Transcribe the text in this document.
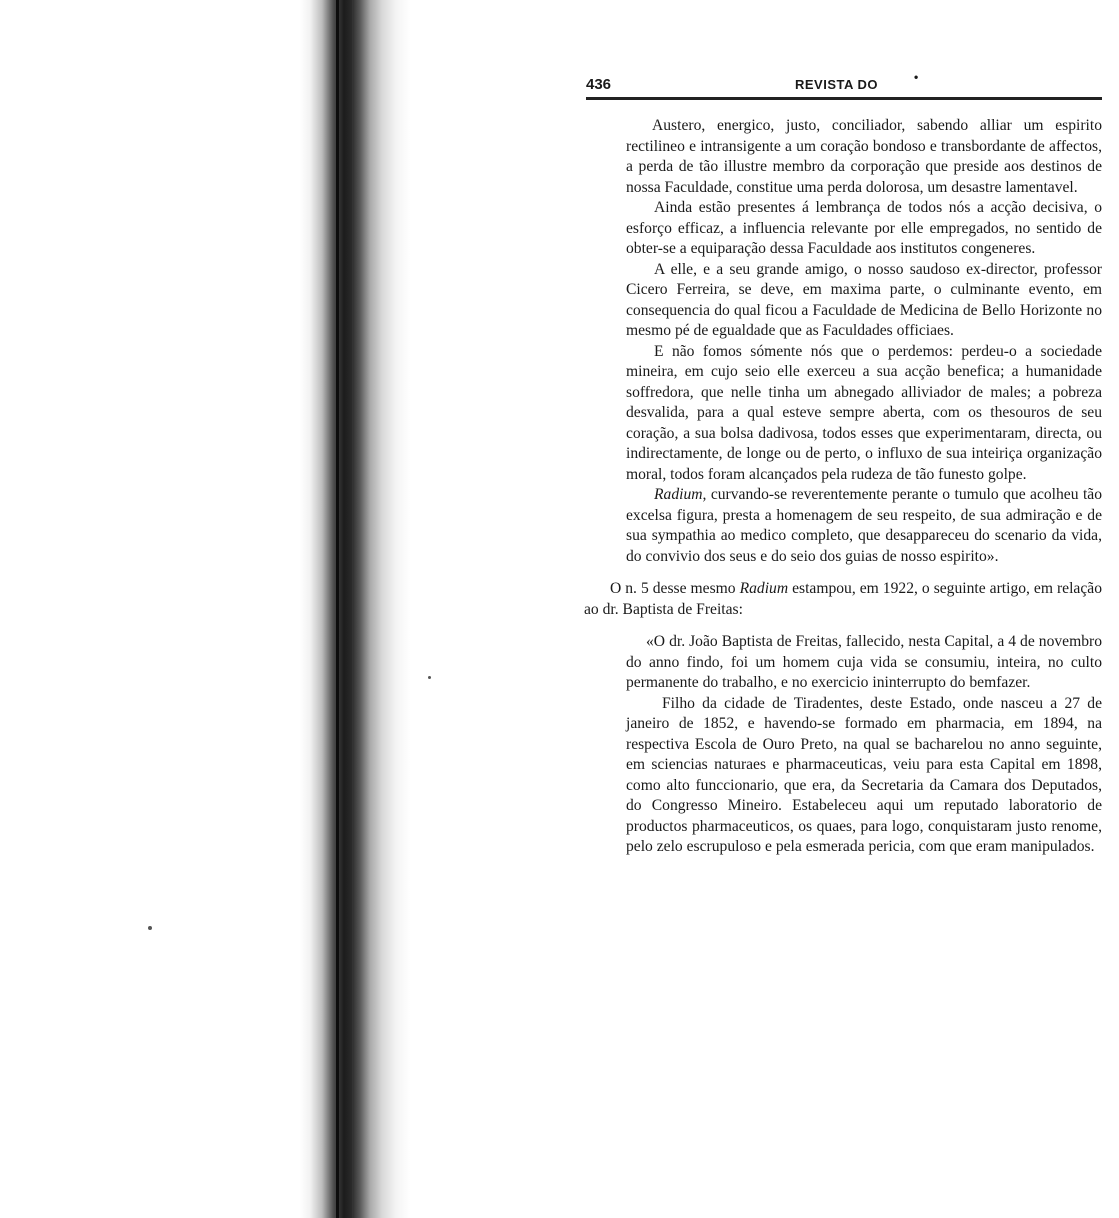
436	REVISTA DO	•

Austero, energico, justo, conciliador, sabendo alliar um espirito rectilineo e intransigente a um coração bondoso e transbordante de affectos, a perda de tão illustre membro da corporação que preside aos destinos de nossa Faculdade, constitue uma perda dolorosa, um desastre lamentavel.

Ainda estão presentes á lembrança de todos nós a acção decisiva, o esforço efficaz, a influencia relevante por elle empregados, no sentido de obter-se a equiparação dessa Faculdade aos institutos congeneres.

A elle, e a seu grande amigo, o nosso saudoso ex-director, professor Cicero Ferreira, se deve, em maxima parte, o culminante evento, em consequencia do qual ficou a Faculdade de Medicina de Bello Horizonte no mesmo pé de egualdade que as Faculdades officiaes.

E não fomos sómente nós que o perdemos: perdeu-o a sociedade mineira, em cujo seio elle exerceu a sua acção benefica; a humanidade soffredora, que nelle tinha um abnegado alliviador de males; a pobreza desvalida, para a qual esteve sempre aberta, com os thesouros de seu coração, a sua bolsa dadivosa, todos esses que experimentaram, directa, ou indirectamente, de longe ou de perto, o influxo de sua inteiriça organização moral, todos foram alcançados pela rudeza de tão funesto golpe.

Radium, curvando-se reverentemente perante o tumulo que acolheu tão excelsa figura, presta a homenagem de seu respeito, de sua admiração e de sua sympathia ao medico completo, que desappareceu do scenario da vida, do convivio dos seus e do seio dos guias de nosso espirito».

O n. 5 desse mesmo Radium estampou, em 1922, o seguinte artigo, em relação ao dr. Baptista de Freitas:

«O dr. João Baptista de Freitas, fallecido, nesta Capital, a 4 de novembro do anno findo, foi um homem cuja vida se consumiu, inteira, no culto permanente do trabalho, e no exercicio ininterrupto do bemfazer.

Filho da cidade de Tiradentes, deste Estado, onde nasceu a 27 de janeiro de 1852, e havendo-se formado em pharmacia, em 1894, na respectiva Escola de Ouro Preto, na qual se bacharelou no anno seguinte, em sciencias naturaes e pharmaceuticas, veiu para esta Capital em 1898, como alto funccionario, que era, da Secretaria da Camara dos Deputados, do Congresso Mineiro. Estabeleceu aqui um reputado laboratorio de productos pharmaceuticos, os quaes, para logo, conquistaram justo renome, pelo zelo escrupuloso e pela esmerada pericia, com que eram manipulados.
